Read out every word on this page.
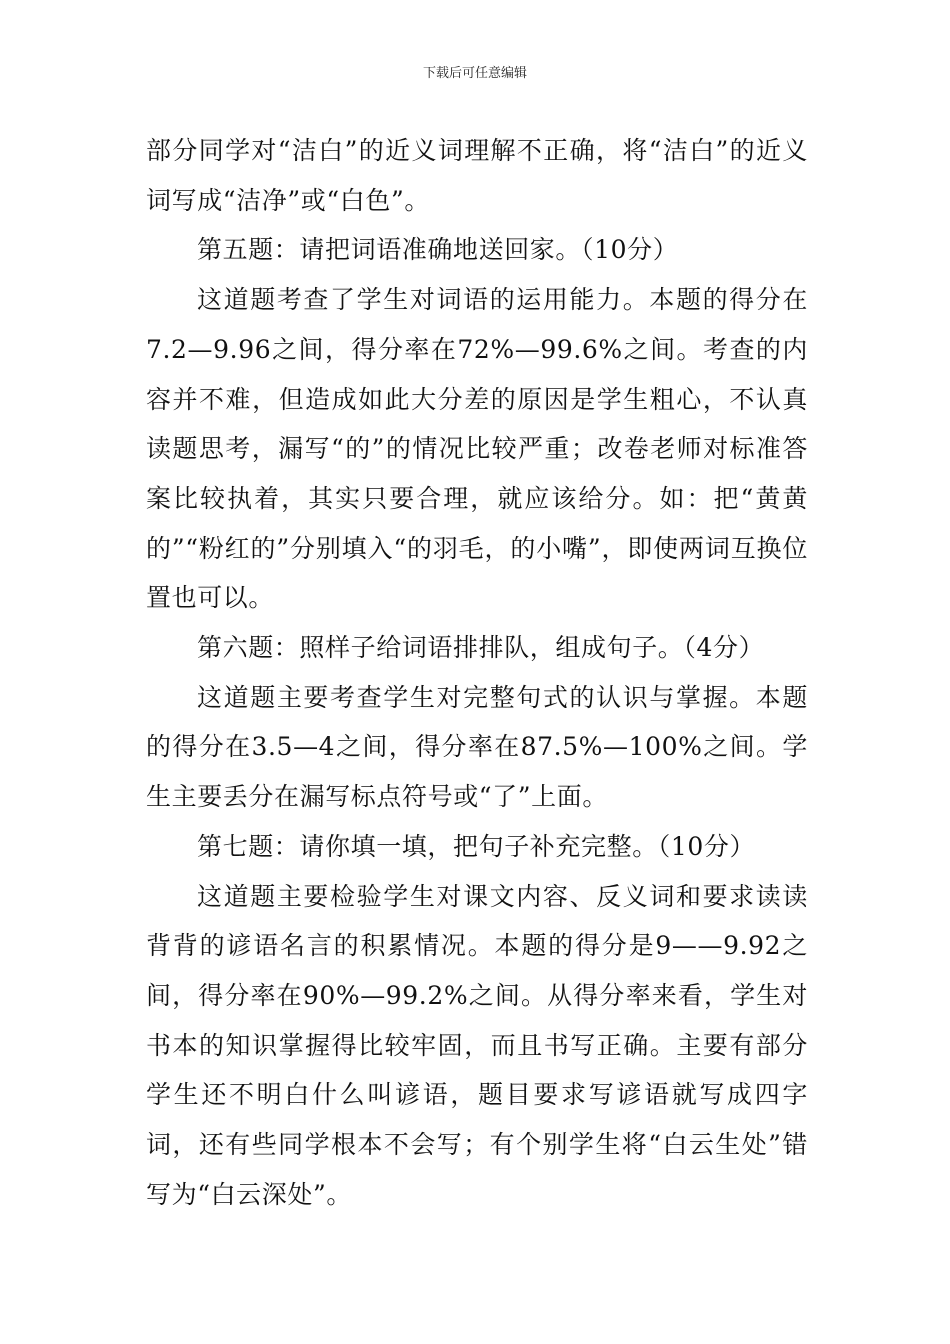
下载后可任意编辑

部分同学对“洁白”的近义词理解不正确，将“洁白”的近义词写成“洁净”或“白色”。

第五题：请把词语准确地送回家。（10分）

这道题考查了学生对词语的运用能力。本题的得分在7.2—9.96之间，得分率在72%—99.6%之间。考查的内容并不难，但造成如此大分差的原因是学生粗心，不认真读题思考，漏写“的”的情况比较严重；改卷老师对标准答案比较执着，其实只要合理，就应该给分。如：把“黄黄的”“粉红的”分别填入“的羽毛，的小嘴”，即使两词互换位置也可以。

第六题：照样子给词语排排队，组成句子。（4分）

这道题主要考查学生对完整句式的认识与掌握。本题的得分在3.5—4之间，得分率在87.5%—100%之间。学生主要丢分在漏写标点符号或“了”上面。

第七题：请你填一填，把句子补充完整。（10分）

这道题主要检验学生对课文内容、反义词和要求读读背背的谚语名言的积累情况。本题的得分是9——9.92之间，得分率在90%—99.2%之间。从得分率来看，学生对书本的知识掌握得比较牢固，而且书写正确。主要有部分学生还不明白什么叫谚语，题目要求写谚语就写成四字词，还有些同学根本不会写；有个别学生将“白云生处”错写为“白云深处”。
